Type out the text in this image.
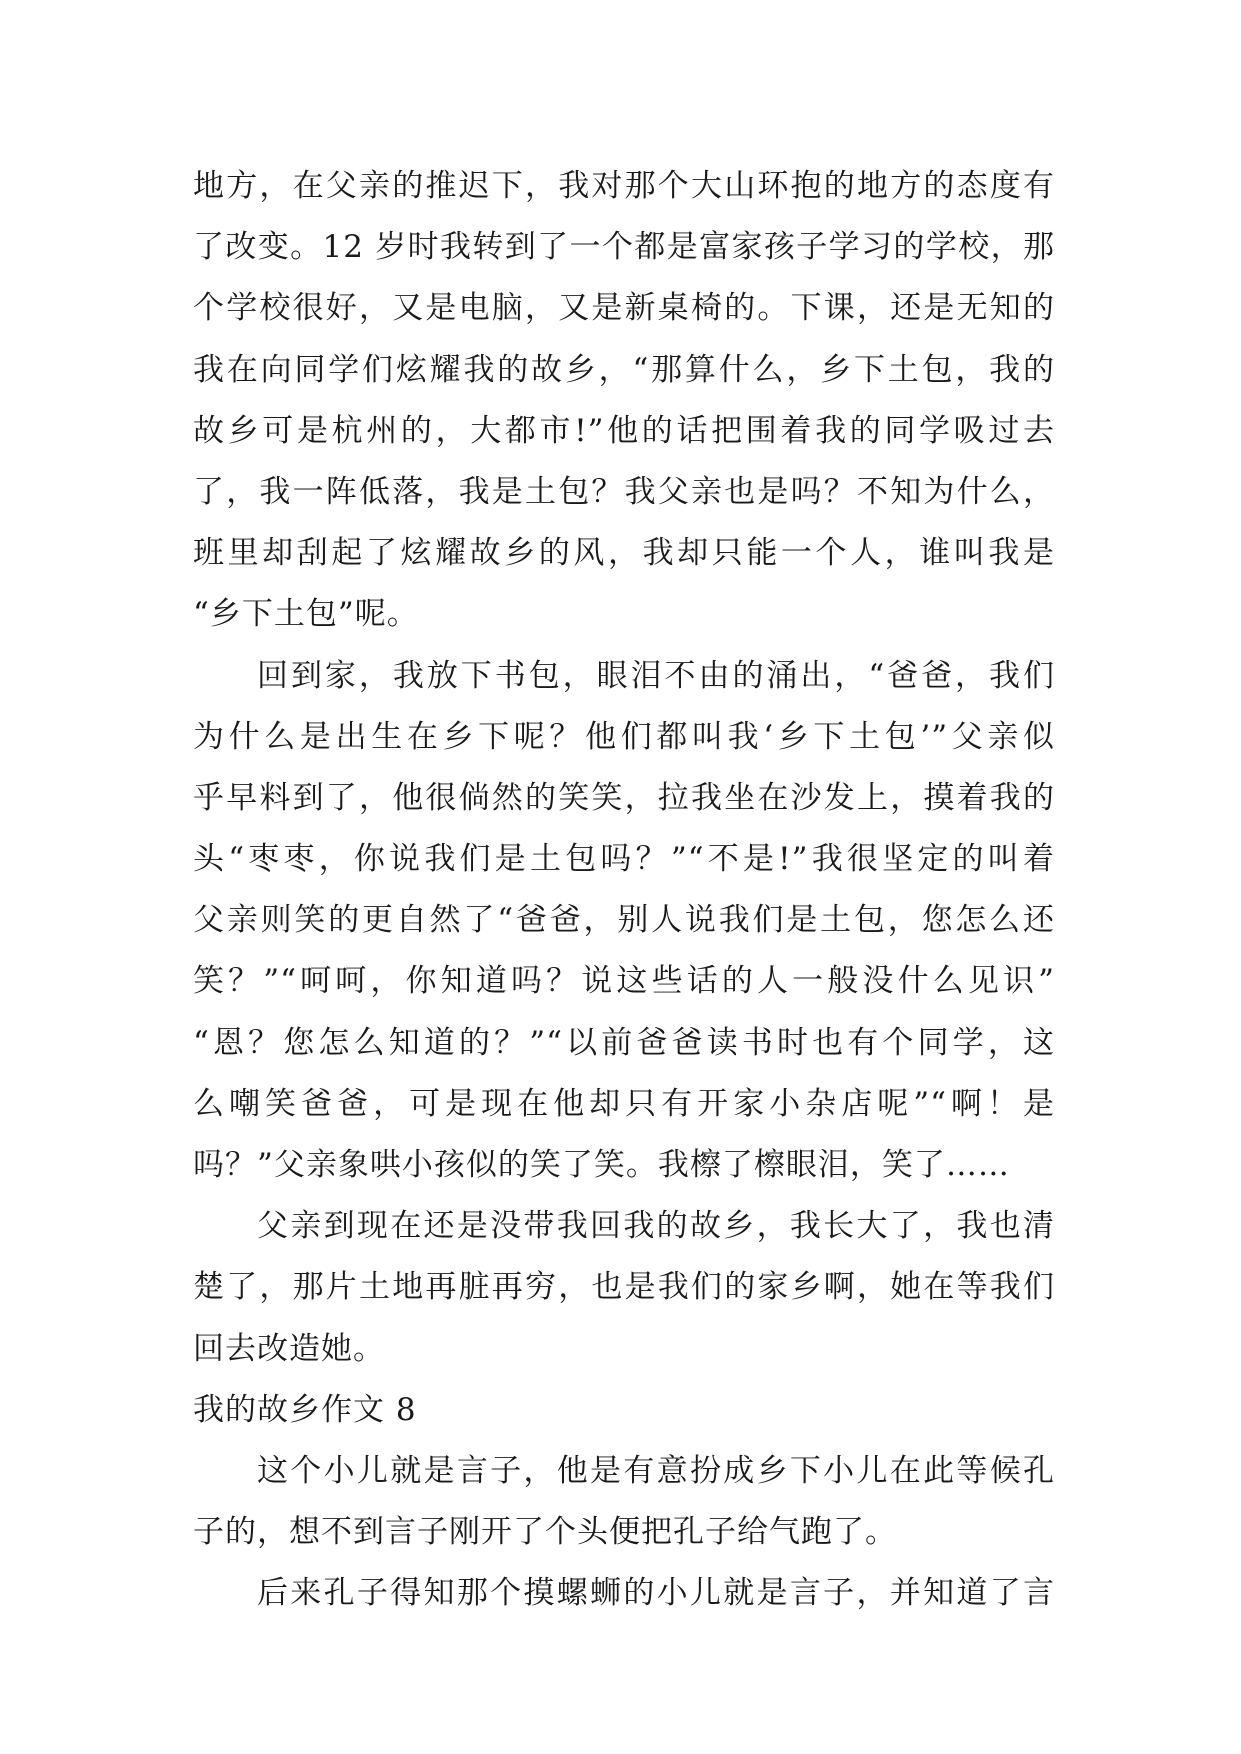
地方，在父亲的推迟下，我对那个大山环抱的地方的态度有
了改变。12 岁时我转到了一个都是富家孩子学习的学校，那
个学校很好，又是电脑，又是新桌椅的。下课，还是无知的
我在向同学们炫耀我的故乡，“那算什么，乡下土包，我的
故乡可是杭州的，大都市!”他的话把围着我的同学吸过去
了，我一阵低落，我是土包？我父亲也是吗？不知为什么，
班里却刮起了炫耀故乡的风，我却只能一个人，谁叫我是
“乡下土包”呢。
回到家，我放下书包，眼泪不由的涌出，“爸爸，我们
为什么是出生在乡下呢？他们都叫我‘乡下土包’”父亲似
乎早料到了，他很倘然的笑笑，拉我坐在沙发上，摸着我的
头“枣枣，你说我们是土包吗？”“不是!”我很坚定的叫着
父亲则笑的更自然了“爸爸，别人说我们是土包，您怎么还
笑？”“呵呵，你知道吗？说这些话的人一般没什么见识”
“恩？您怎么知道的？”“以前爸爸读书时也有个同学，这
么嘲笑爸爸，可是现在他却只有开家小杂店呢”“啊！是
吗？”父亲象哄小孩似的笑了笑。我檫了檫眼泪，笑了……
父亲到现在还是没带我回我的故乡，我长大了，我也清
楚了，那片土地再脏再穷，也是我们的家乡啊，她在等我们
回去改造她。
我的故乡作文 8
这个小儿就是言子，他是有意扮成乡下小儿在此等候孔
子的，想不到言子刚开了个头便把孔子给气跑了。
后来孔子得知那个摸螺蛳的小儿就是言子，并知道了言
